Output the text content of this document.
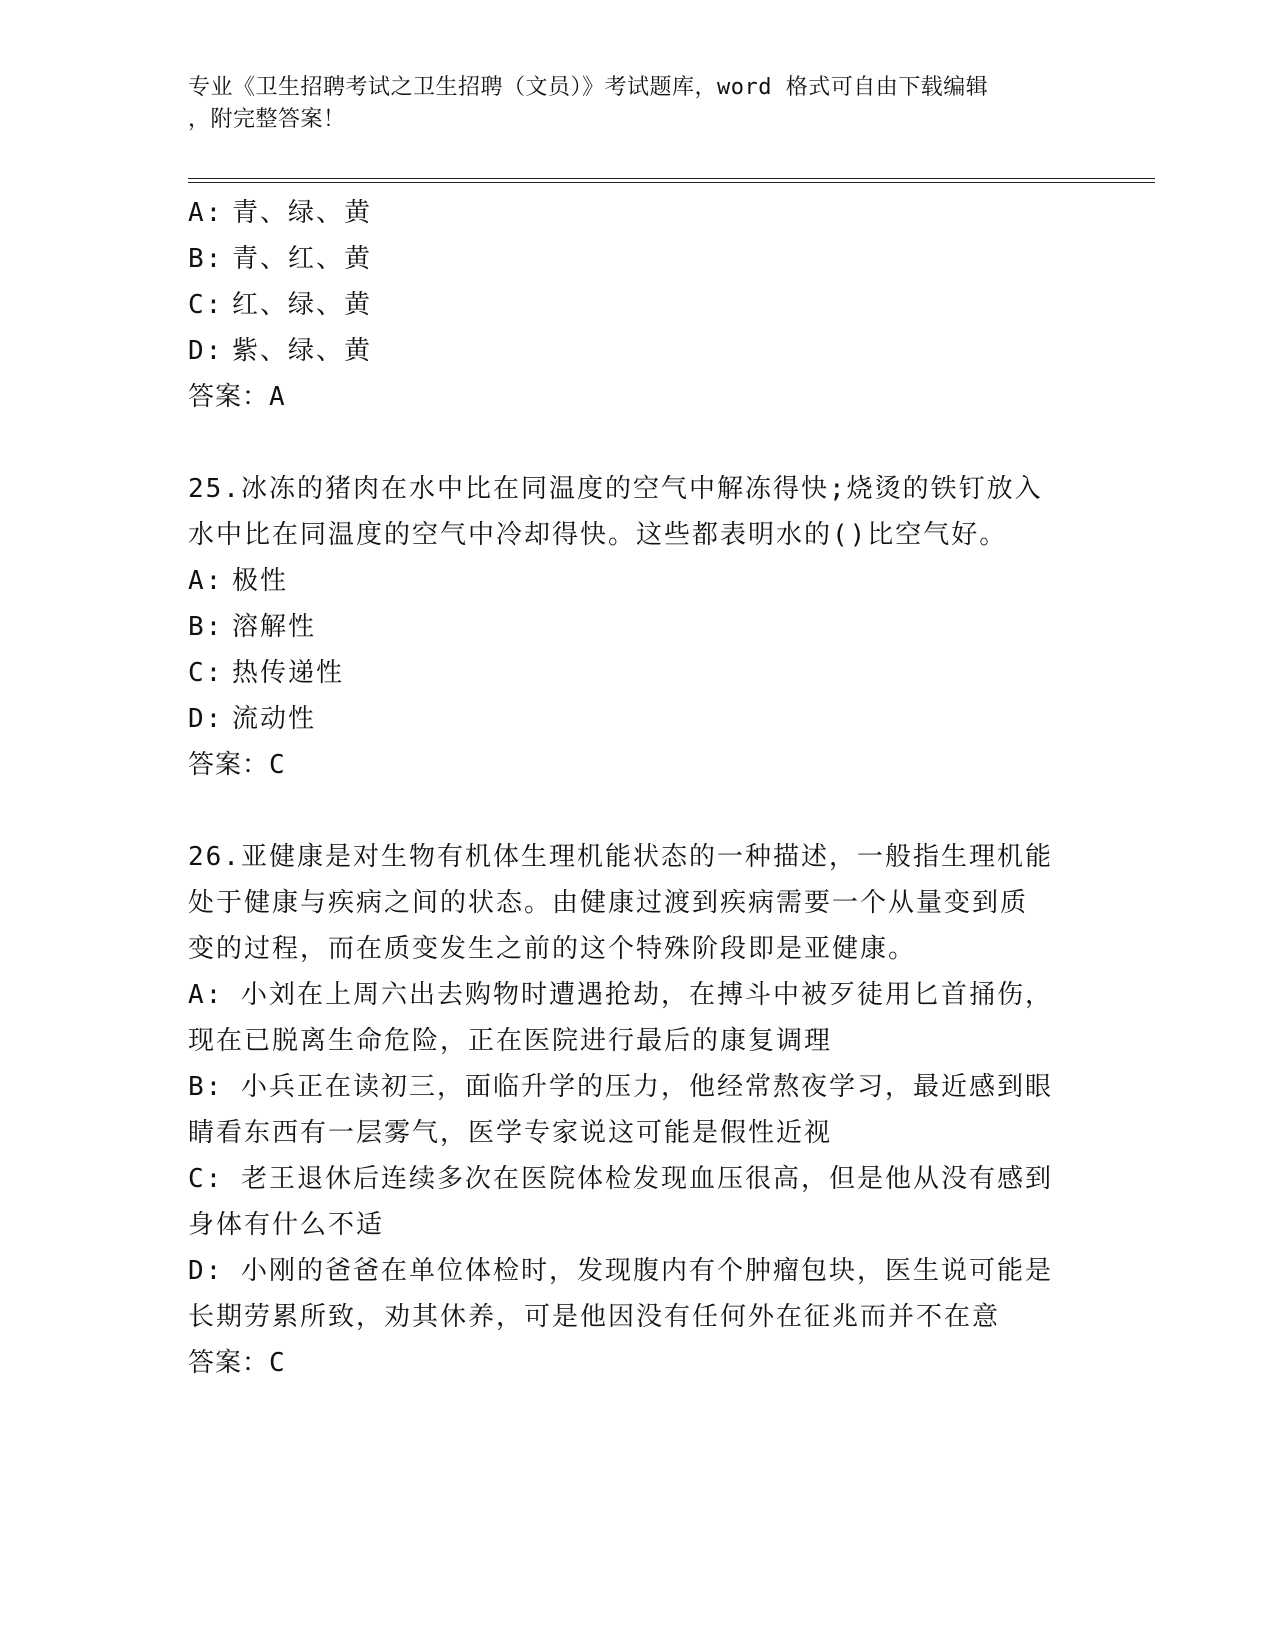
专业《卫生招聘考试之卫生招聘（文员）》考试题库，word 格式可自由下载编辑
，附完整答案！
A: 青、绿、黄
B: 青、红、黄
C: 红、绿、黄
D: 紫、绿、黄
答案：A
25.冰冻的猪肉在水中比在同温度的空气中解冻得快;烧烫的铁钉放入
水中比在同温度的空气中冷却得快。这些都表明水的()比空气好。
A: 极性
B: 溶解性
C: 热传递性
D: 流动性
答案：C
26.亚健康是对生物有机体生理机能状态的一种描述，一般指生理机能
处于健康与疾病之间的状态。由健康过渡到疾病需要一个从量变到质
变的过程，而在质变发生之前的这个特殊阶段即是亚健康。
A: 小刘在上周六出去购物时遭遇抢劫，在搏斗中被歹徒用匕首捅伤，
现在已脱离生命危险，正在医院进行最后的康复调理
B: 小兵正在读初三，面临升学的压力，他经常熬夜学习，最近感到眼
睛看东西有一层雾气，医学专家说这可能是假性近视
C: 老王退休后连续多次在医院体检发现血压很高，但是他从没有感到
身体有什么不适
D: 小刚的爸爸在单位体检时，发现腹内有个肿瘤包块，医生说可能是
长期劳累所致，劝其休养，可是他因没有任何外在征兆而并不在意
答案：C
